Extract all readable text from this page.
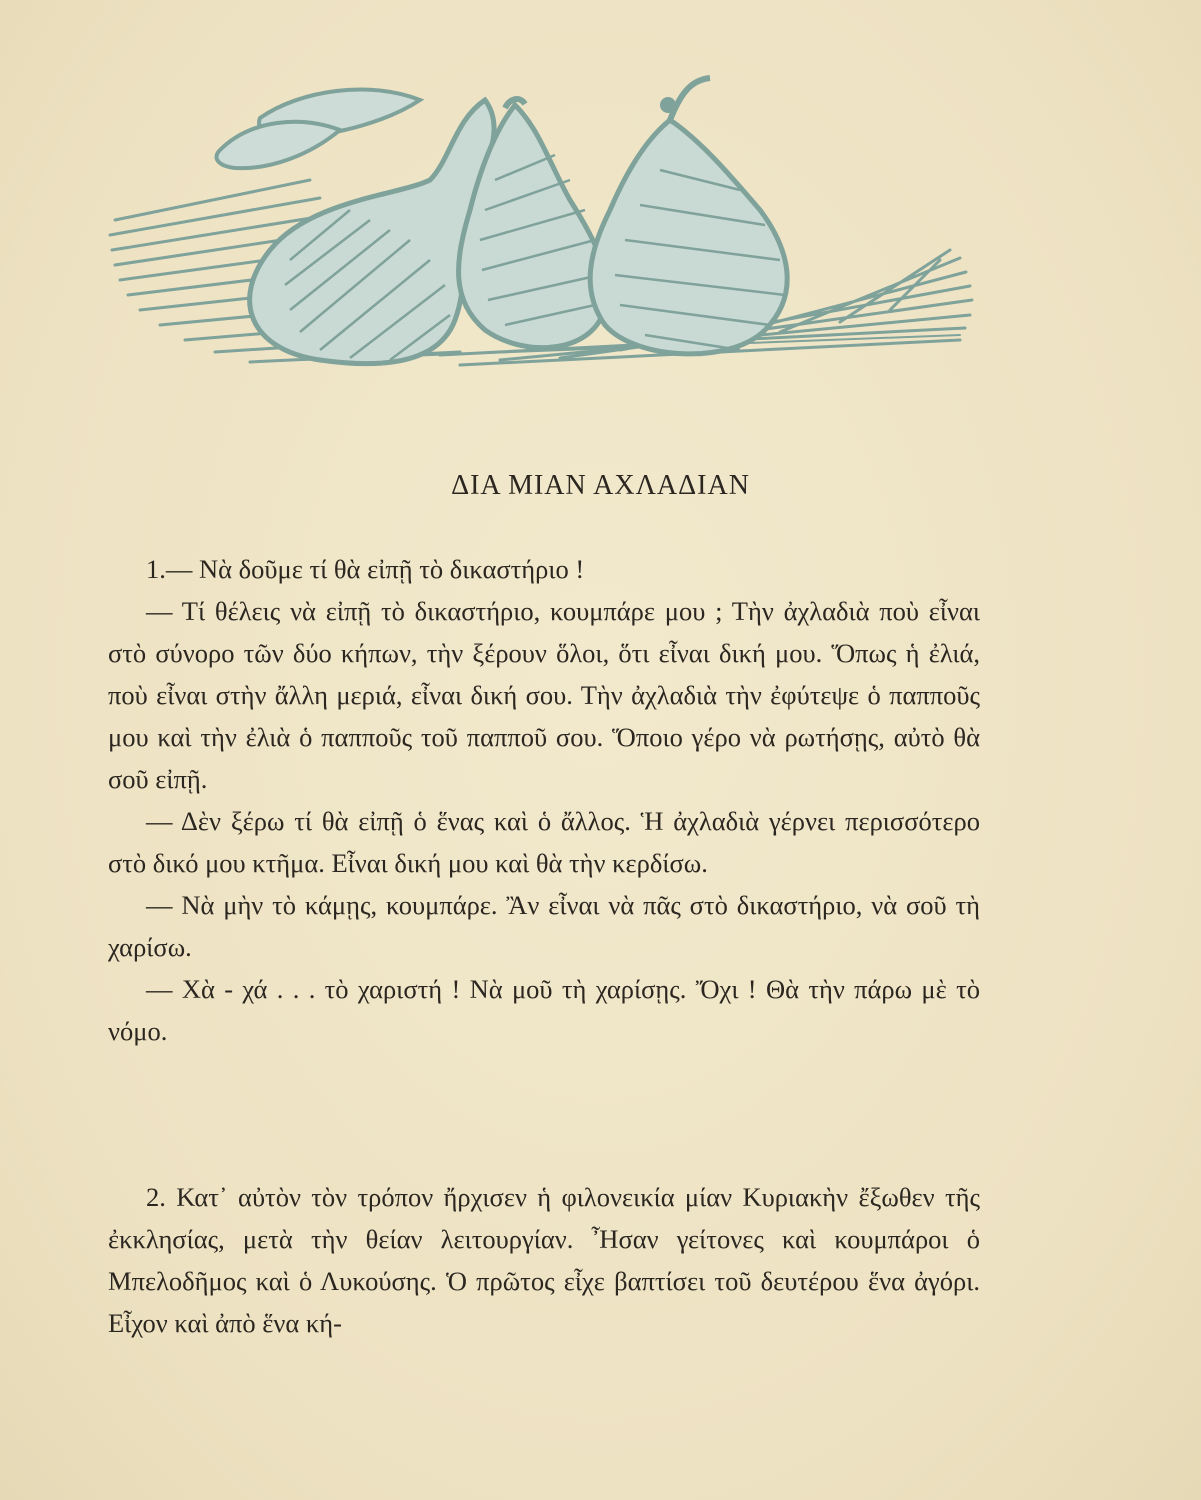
ΔΙΑ ΜΙΑΝ ΑΧΛΑΔΙΑΝ

1.— Νὰ δοῦμε τί θὰ εἰπῇ τὸ δικαστήριο !

— Τί θέλεις νὰ εἰπῇ τὸ δικαστήριο, κουμπάρε μου ; Τὴν ἀχλαδιὰ ποὺ εἶναι στὸ σύνορο τῶν δύο κήπων, τὴν ξέρουν ὅλοι, ὅτι εἶναι δική μου. Ὅπως ἡ ἐλιά, ποὺ εἶναι στὴν ἄλλη μεριά, εἶναι δική σου. Τὴν ἀχλαδιὰ τὴν ἐφύτεψε ὁ παπποῦς μου καὶ τὴν ἐλιὰ ὁ παπποῦς τοῦ παπποῦ σου. Ὅποιο γέρο νὰ ρωτήσῃς, αὐτὸ θὰ σοῦ εἰπῇ.

— Δὲν ξέρω τί θὰ εἰπῇ ὁ ἕνας καὶ ὁ ἄλλος. Ἡ ἀχλαδιὰ γέρνει περισσότερο στὸ δικό μου κτῆμα. Εἶναι δική μου καὶ θὰ τὴν κερδίσω.

— Νὰ μὴν τὸ κάμῃς, κουμπάρε. Ἂν εἶναι νὰ πᾶς στὸ δικαστήριο, νὰ σοῦ τὴ χαρίσω.

— Χὰ - χά . . . τὸ χαριστή ! Νὰ μοῦ τὴ χαρίσῃς. Ὄχι ! Θὰ τὴν πάρω μὲ τὸ νόμο.

2. Κατ᾽ αὐτὸν τὸν τρόπον ἤρχισεν ἡ φιλονεικία μίαν Κυριακὴν ἔξωθεν τῆς ἐκκλησίας, μετὰ τὴν θείαν λειτουργίαν. Ἦσαν γείτονες καὶ κουμπάροι ὁ Μπελοδῆμος καὶ ὁ Λυκούσης. Ὁ πρῶτος εἶχε βαπτίσει τοῦ δευτέρου ἕνα ἀγόρι. Εἶχον καὶ ἀπὸ ἕνα κή-
